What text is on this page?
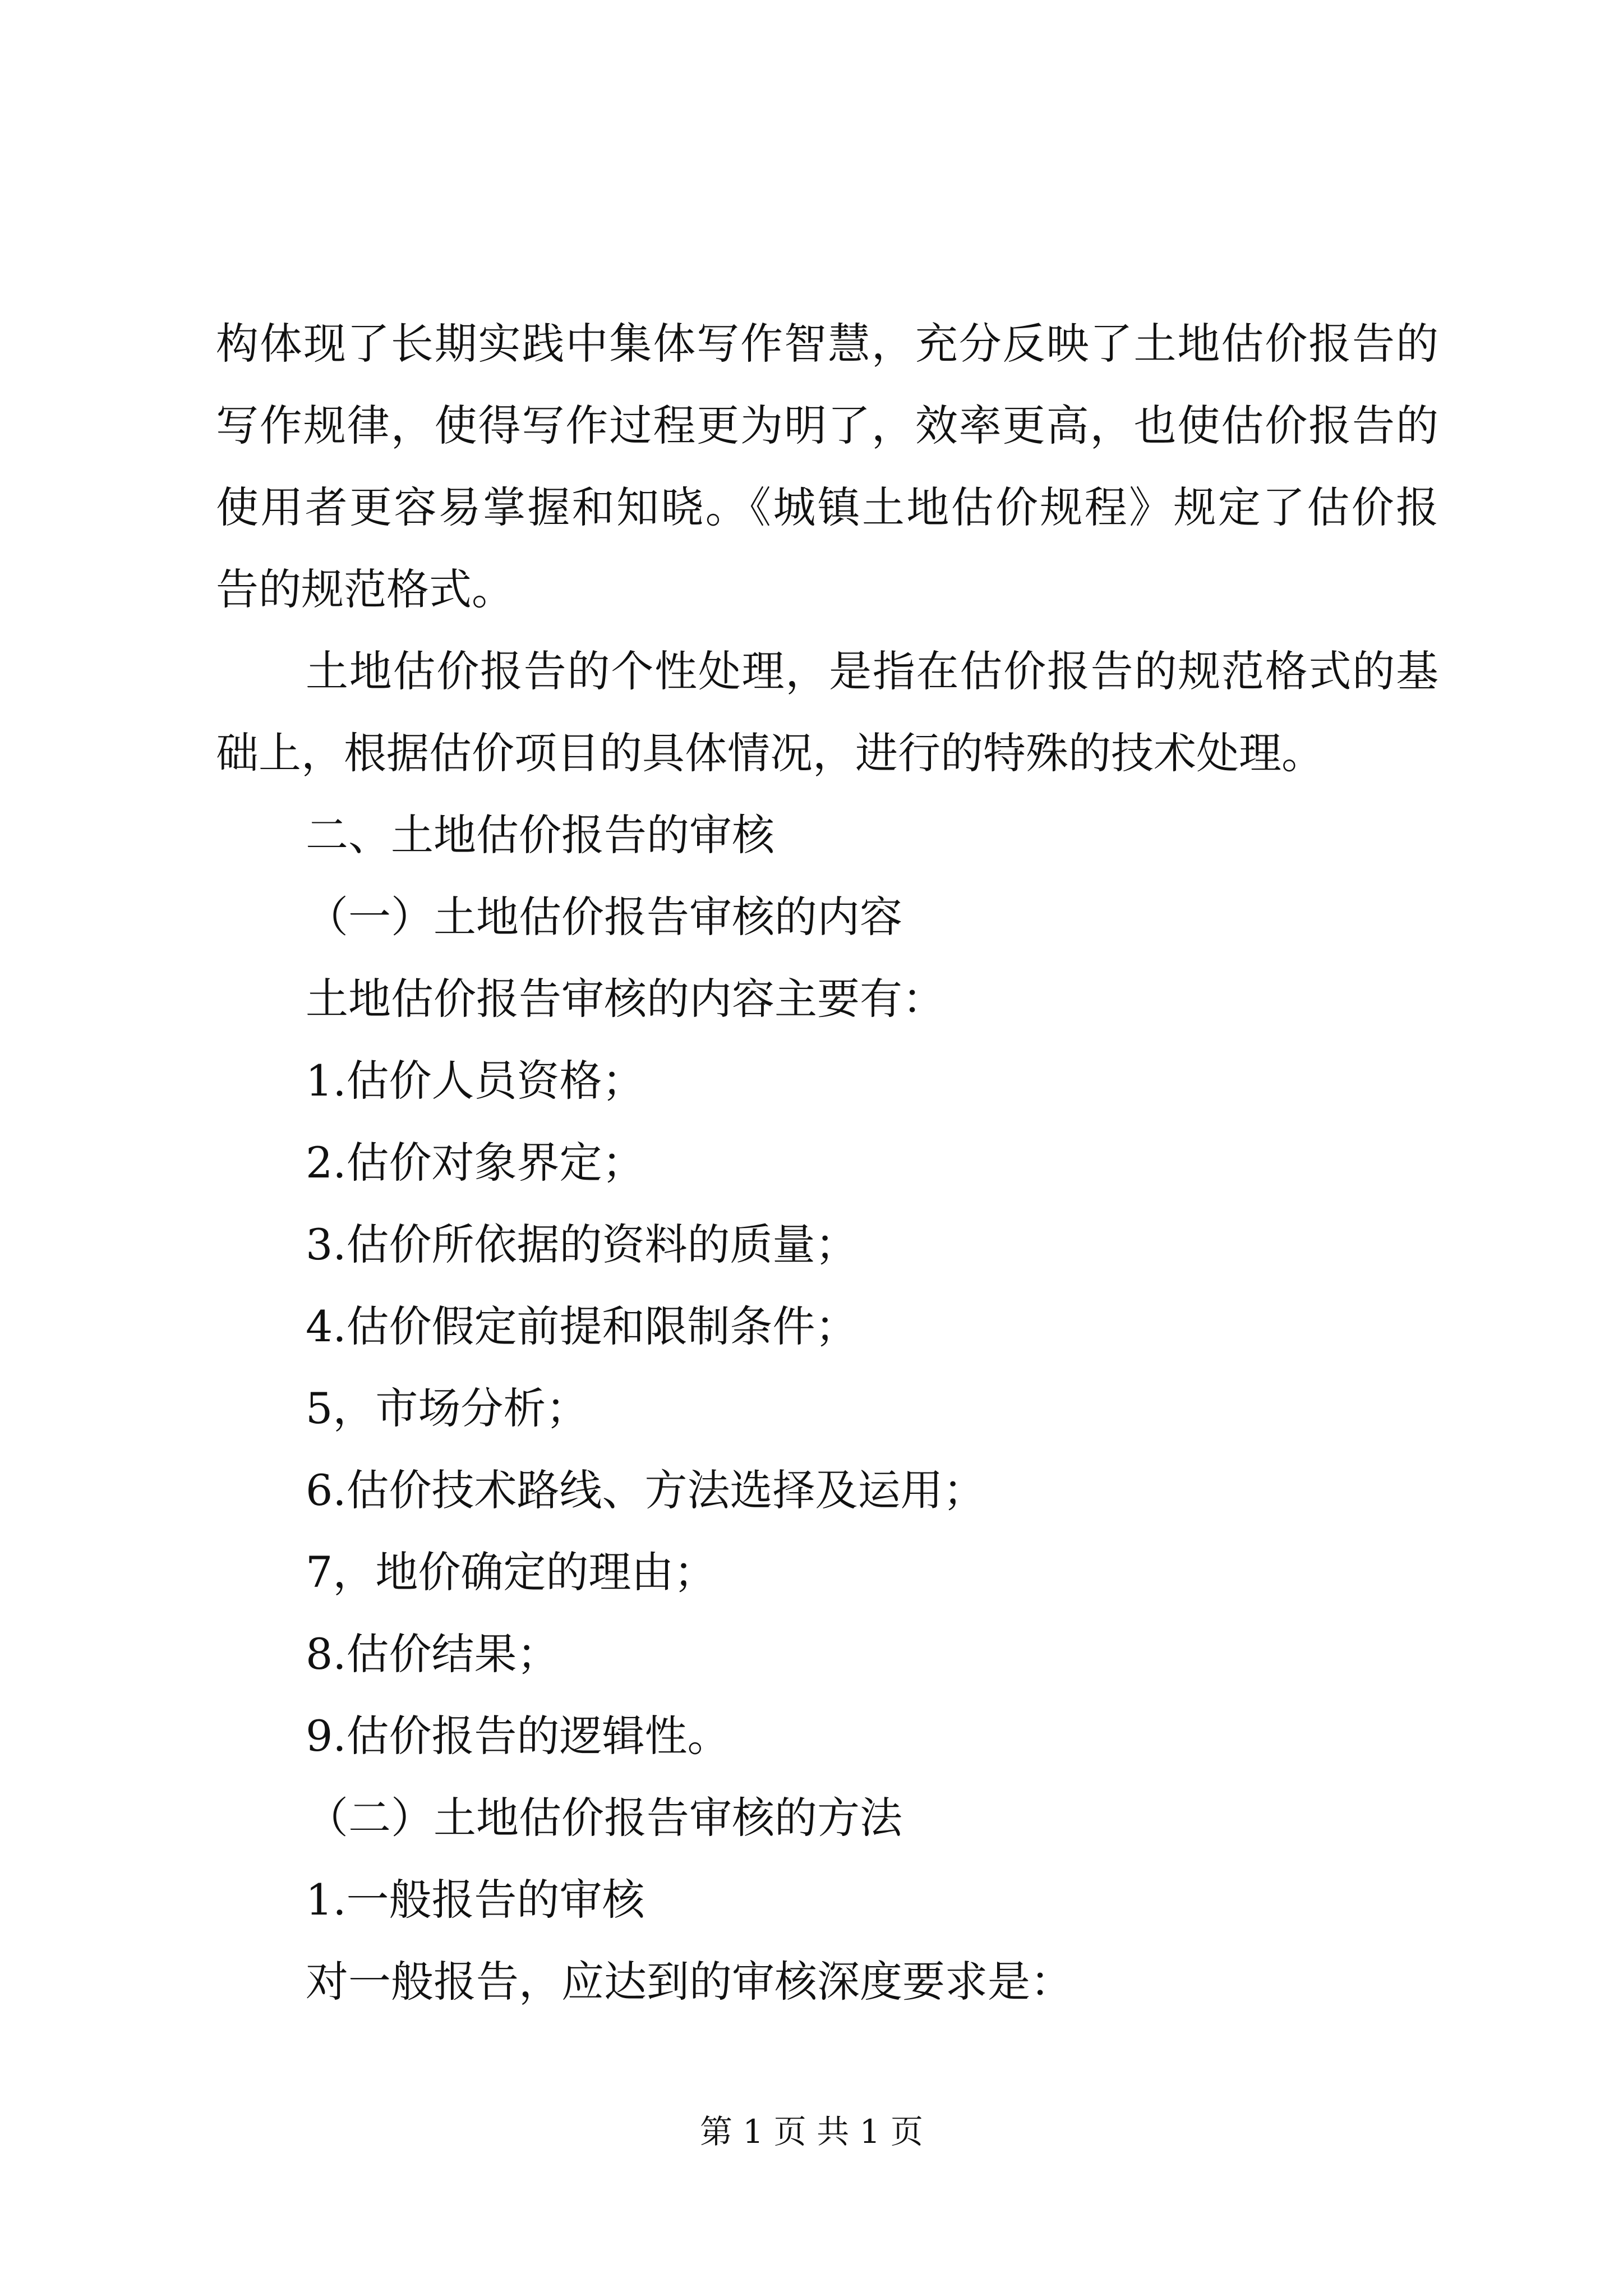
构体现了长期实践中集体写作智慧，充分反映了土地估价报告的
写作规律，使得写作过程更为明了，效率更高，也使估价报告的
使用者更容易掌握和知晓。《城镇土地估价规程》规定了估价报
告的规范格式。
土地估价报告的个性处理，是指在估价报告的规范格式的基
础上，根据估价项目的具体情况，进行的特殊的技术处理。
二、土地估价报告的审核
（一）土地估价报告审核的内容
土地估价报告审核的内容主要有：
1.估价人员资格；
2.估价对象界定；
3.估价所依据的资料的质量；
4.估价假定前提和限制条件；
5，市场分析；
6.估价技术路线、方法选择及运用；
7，地价确定的理由；
8.估价结果；
9.估价报告的逻辑性。
（二）土地估价报告审核的方法
1.一般报告的审核
对一般报告，应达到的审核深度要求是：
第 1 页 共 1 页
